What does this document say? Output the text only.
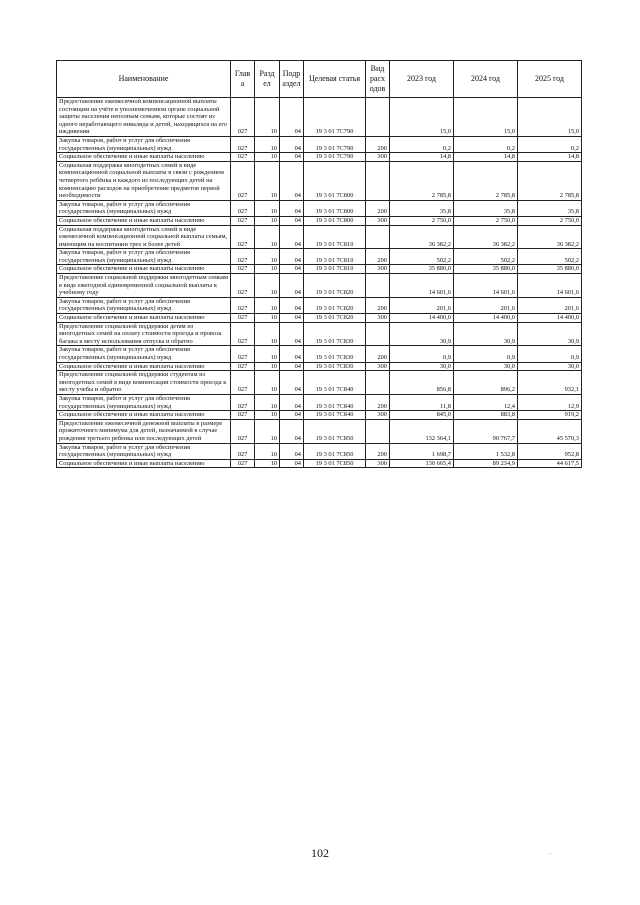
Наименование	Глав а	Разд ел	Подр аздел	Целевая статья	Вид расх одов	2023 год	2024 год	2025 год
Предоставление ежемесячной компенсационной выплаты состоящим на учёте в уполномоченном органе социальной защиты населения неполным семьям, которые состоят из одного неработающего инвалида и детей, находящихся на его иждивении	027	10	04	19 3 01 7C790		15,0	15,0	15,0
Закупка товаров, работ и услуг для обеспечения государственных (муниципальных) нужд	027	10	04	19 3 01 7C790	200	0,2	0,2	0,2
Социальное обеспечение и иные выплаты населению	027	10	04	19 3 01 7C790	300	14,8	14,8	14,8
Социальная поддержка многодетных семей в виде компенсационной социальной выплаты в связи с рождением четвертого ребёнка и каждого из последующих детей на компенсацию расходов на приобретение предметов первой необходимости	027	10	04	19 3 01 7C800		2 785,8	2 785,8	2 785,8
Закупка товаров, работ и услуг для обеспечения государственных (муниципальных) нужд	027	10	04	19 3 01 7C800	200	35,8	35,8	35,8
Социальное обеспечение и иные выплаты населению	027	10	04	19 3 01 7C800	300	2 750,0	2 750,0	2 750,0
Социальная поддержка многодетных семей в виде ежемесячной компенсационной социальной выплаты семьям, имеющим на воспитании трех и более детей	027	10	04	19 3 01 7C810		36 382,2	36 382,2	36 382,2
Закупка товаров, работ и услуг для обеспечения государственных (муниципальных) нужд	027	10	04	19 3 01 7C810	200	502,2	502,2	502,2
Социальное обеспечение и иные выплаты населению	027	10	04	19 3 01 7C810	300	35 880,0	35 880,0	35 880,0
Предоставление социальной поддержки многодетным семьям в виде ежегодной единовременной социальной выплаты к учебному году	027	10	04	19 3 01 7C820		14 601,6	14 601,6	14 601,6
Закупка товаров, работ и услуг для обеспечения государственных (муниципальных) нужд	027	10	04	19 3 01 7C820	200	201,6	201,6	201,6
Социальное обеспечение и иные выплаты населению	027	10	04	19 3 01 7C820	300	14 400,0	14 400,0	14 400,0
Предоставление социальной поддержки детям из многодетных семей на оплату стоимости проезда и провоза багажа к месту использования отпуска и обратно	027	10	04	19 3 01 7C830		30,9	30,9	30,9
Закупка товаров, работ и услуг для обеспечения государственных (муниципальных) нужд	027	10	04	19 3 01 7C830	200	0,9	0,9	0,9
Социальное обеспечение и иные выплаты населению	027	10	04	19 3 01 7C830	300	30,0	30,0	30,0
Предоставление социальной поддержки студентам из многодетных семей в виде компенсации стоимости проезда к месту учебы и обратно	027	10	04	19 3 01 7C840		856,8	896,2	932,1
Закупка товаров, работ и услуг для обеспечения государственных (муниципальных) нужд	027	10	04	19 3 01 7C840	200	11,8	12,4	12,9
Социальное обеспечение и иные выплаты населению	027	10	04	19 3 01 7C840	300	845,0	883,8	919,2
Предоставление ежемесячной денежной выплаты в размере прожиточного минимума для детей, назначаемой в случае рождения третьего ребенка или последующих детей	027	10	04	19 3 01 7C850		132 364,1	90 767,7	45 570,3
Закупка товаров, работ и услуг для обеспечения государственных (муниципальных) нужд	027	10	04	19 3 01 7C850	200	1 698,7	1 532,8	952,8
Социальное обеспечение и иные выплаты населению	027	10	04	19 3 01 7C850	300	130 665,4	89 234,9	44 617,5
102	'
